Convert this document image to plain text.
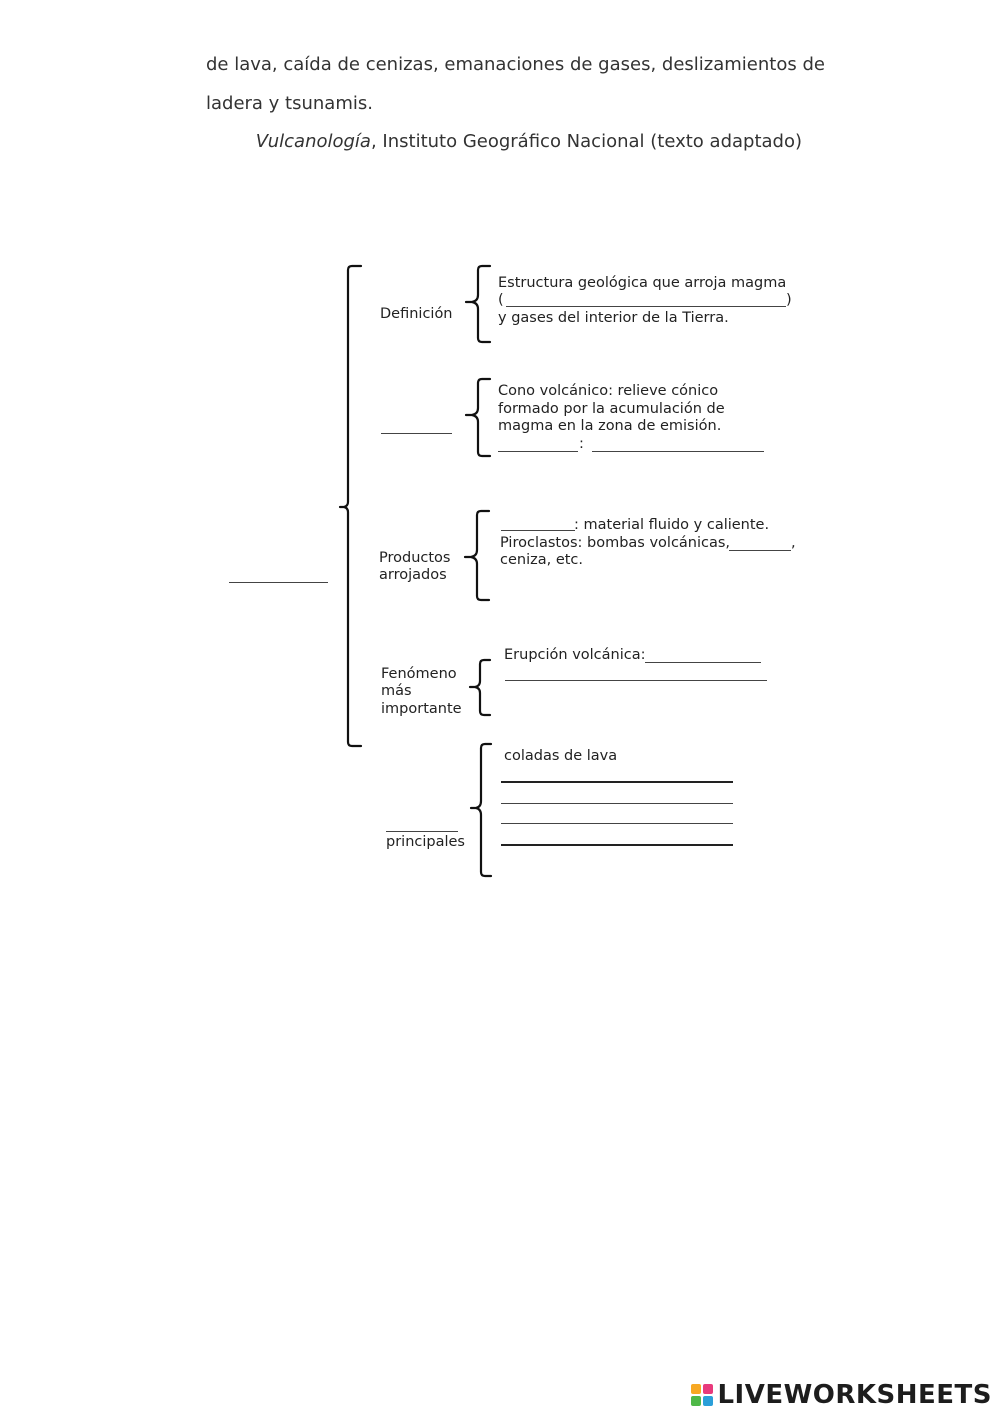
de lava, caída de cenizas, emanaciones de gases, deslizamientos de
ladera y tsunamis.
Vulcanología, Instituto Geográfico Nacional (texto adaptado)
Definición
Estructura geológica que arroja magma
(	)
y gases del interior de la Tierra.
Cono volcánico: relieve cónico
formado por la acumulación de
magma en la zona de emisión.
:
Productos
arrojados
: material fluido y caliente.
Piroclastos: bombas volcánicas,	,
ceniza, etc.
Fenómeno
más
importante
Erupción volcánica:
principales
coladas de lava
LIVEWORKSHEETS
